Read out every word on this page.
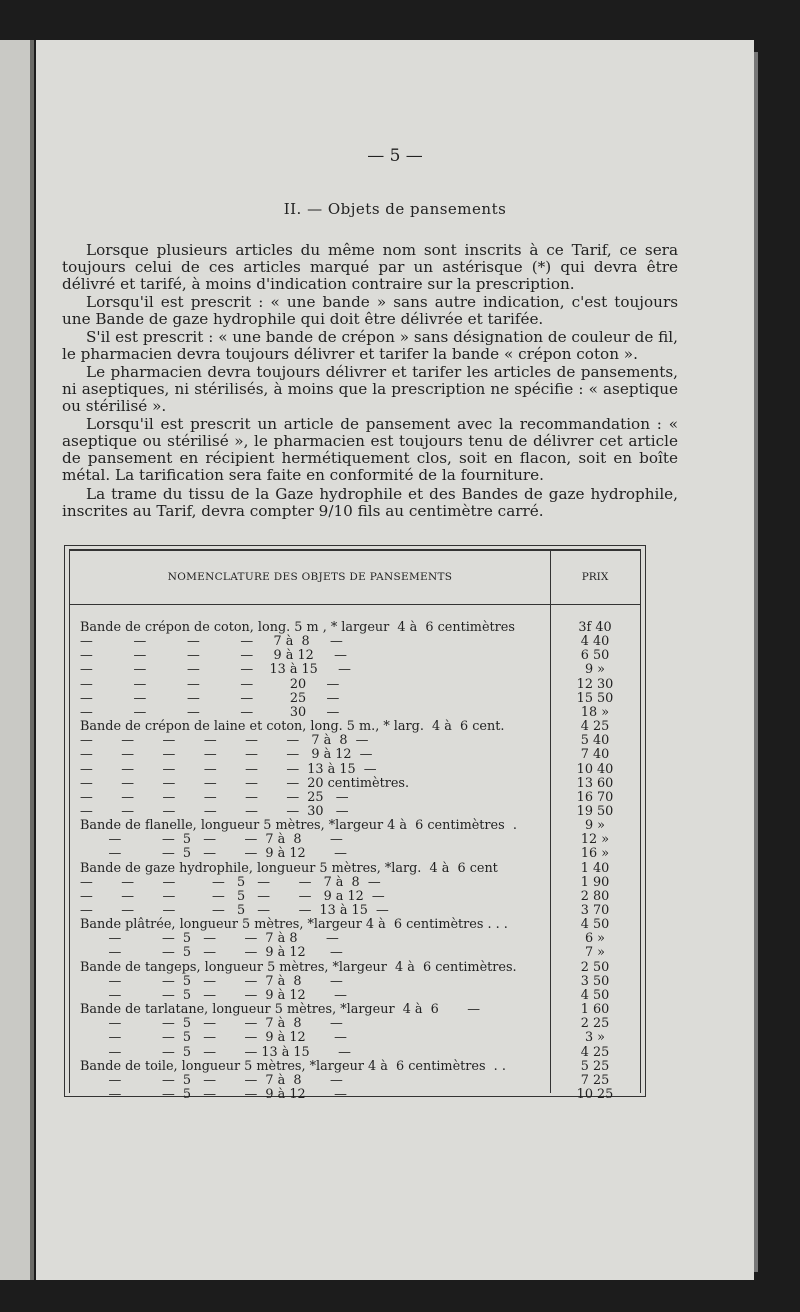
— 5 —
II. — Objets de pansements

Lorsque plusieurs articles du même nom sont inscrits à ce Tarif, ce sera toujours celui de ces articles marqué par un astérisque (*) qui devra être délivré et tarifé, à moins d'indication contraire sur la prescription.

Lorsqu'il est prescrit : « une bande » sans autre indication, c'est toujours une Bande de gaze hydrophile qui doit être délivrée et tarifée.

S'il est prescrit : « une bande de crépon » sans désignation de couleur de fil, le pharmacien devra toujours délivrer et tarifer la bande « crépon coton ».

Le pharmacien devra toujours délivrer et tarifer les articles de pansements, ni aseptiques, ni stérilisés, à moins que la prescription ne spécifie : « aseptique ou stérilisé ».

Lorsqu'il est prescrit un article de pansement avec la recommandation : « aseptique ou stérilisé », le pharmacien est toujours tenu de délivrer cet article de pansement en récipient hermétiquement clos, soit en flacon, soit en boîte métal. La tarification sera faite en conformité de la fourniture.

La trame du tissu de la Gaze hydrophile et des Bandes de gaze hydrophile, inscrites au Tarif, devra compter 9/10 fils au centimètre carré.

NOMENCLATURE DES OBJETS DE PANSEMENTS	PRIX
Bande de crépon de coton, long. 5 m , * largeur  4 à  6 centimètres	3f 40
—          —          —          —     7 à  8     —	4 40
—          —          —          —     9 à 12     —	6 50
—          —          —          —    13 à 15     —	9 »
—          —          —          —         20     —	12 30
—          —          —          —         25     —	15 50
—          —          —          —         30     —	18 »
Bande de crépon de laine et coton, long. 5 m., * larg.  4 à  6 cent.	4 25
—       —       —       —       —       —   7 à  8  —	5 40
—       —       —       —       —       —   9 à 12  —	7 40
—       —       —       —       —       —  13 à 15  —	10 40
—       —       —       —       —       —  20 centimètres.	13 60
—       —       —       —       —       —  25   —	16 70
—       —       —       —       —       —  30   —	19 50
Bande de flanelle, longueur 5 mètres, *largeur 4 à  6 centimètres  .	9 »
—          —  5   —       —  7 à  8       —	12 »
—          —  5   —       —  9 à 12       —	16 »
Bande de gaze hydrophile, longueur 5 mètres, *larg.  4 à  6 cent	1 40
—       —       —         —   5   —       —   7 à  8  —	1 90
—       —       —         —   5   —       —   9 a 12  —	2 80
—       —       —         —   5   —       —  13 à 15  —	3 70
Bande plâtrée, longueur 5 mètres, *largeur 4 à  6 centimètres . . .	4 50
—          —  5   —       —  7 à 8       —	6 »
—          —  5   —       —  9 à 12      —	7 »
Bande de tangeps, longueur 5 mètres, *largeur  4 à  6 centimètres.	2 50
—          —  5   —       —  7 à  8       —	3 50
—          —  5   —       —  9 à 12       —	4 50
Bande de tarlatane, longueur 5 mètres, *largeur  4 à  6       —	1 60
—          —  5   —       —  7 à  8       —	2 25
—          —  5   —       —  9 à 12       —	3 »
—          —  5   —       — 13 à 15       —	4 25
Bande de toile, longueur 5 mètres, *largeur 4 à  6 centimètres  . .	5 25
—          —  5   —       —  7 à  8       —	7 25
—          —  5   —       —  9 à 12       —	10 25
